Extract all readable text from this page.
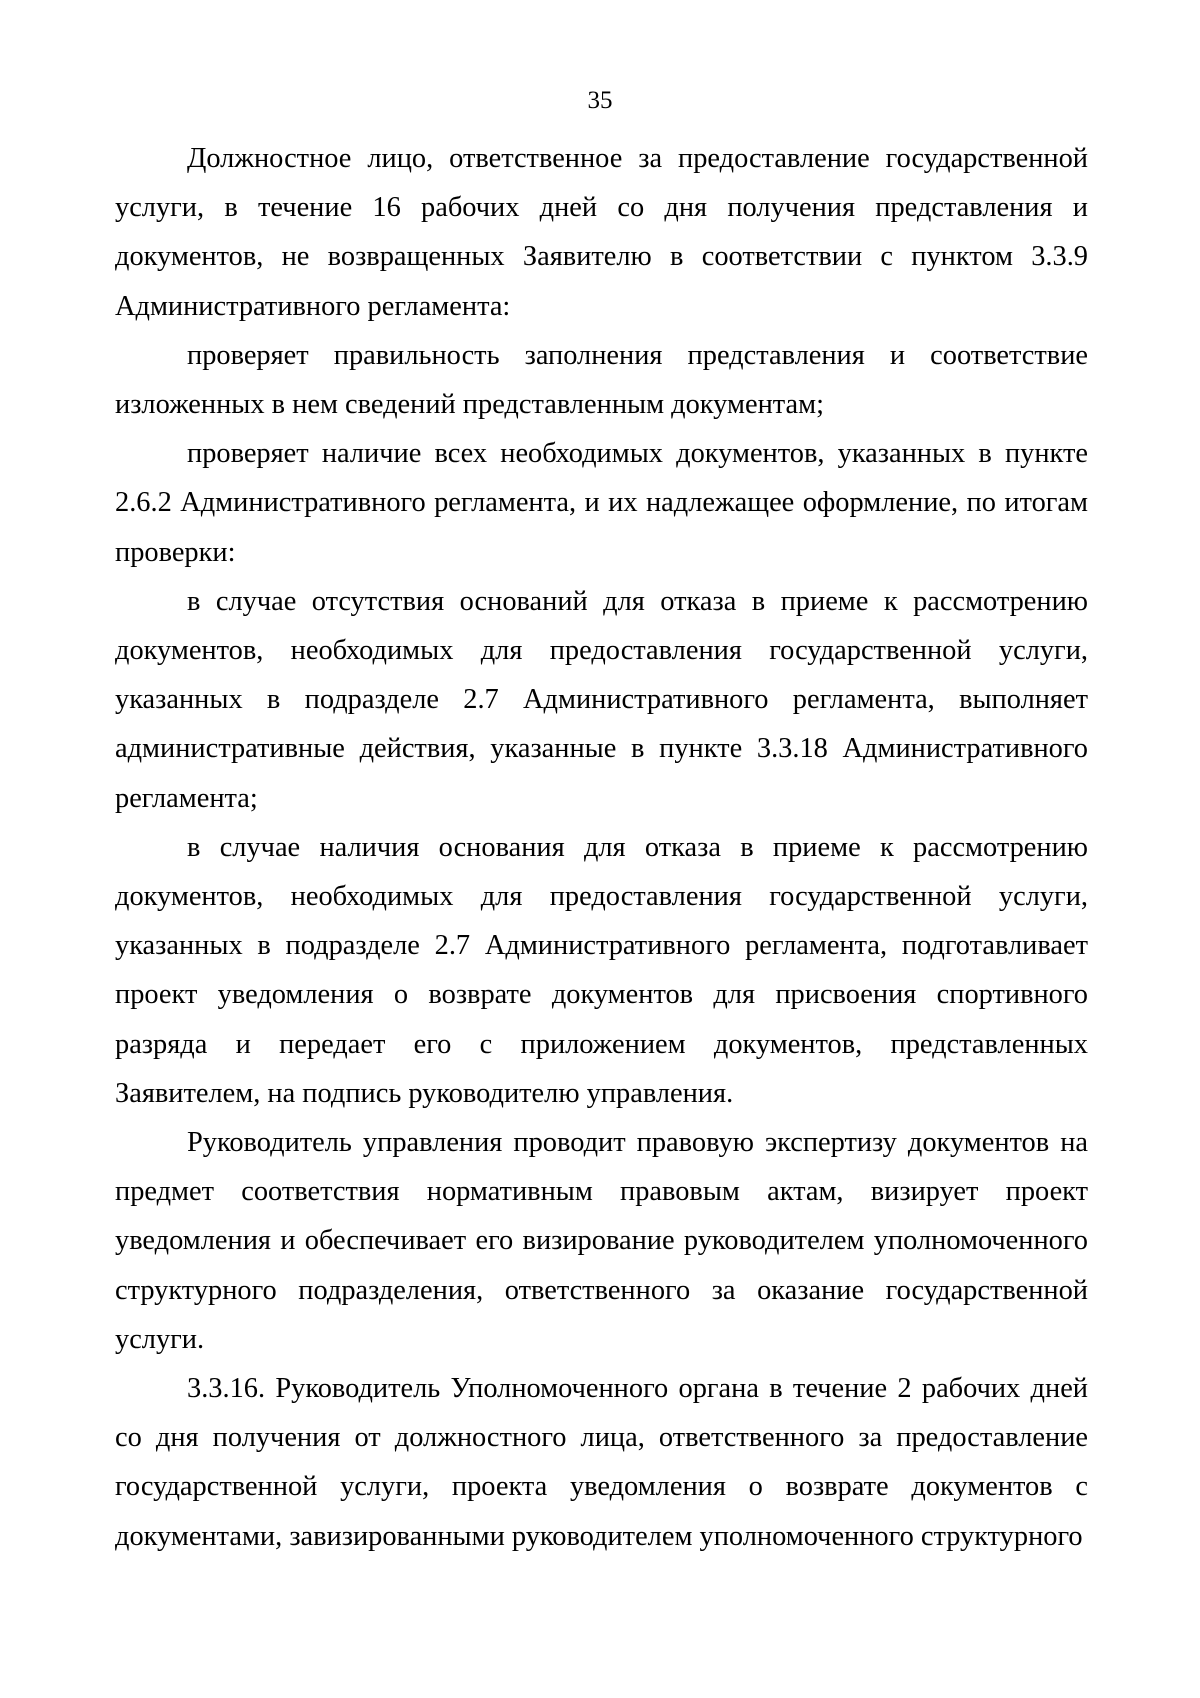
35

Должностное лицо, ответственное за предоставление государственной услуги, в течение 16 рабочих дней со дня получения представления и документов, не возвращенных Заявителю в соответствии с пунктом 3.3.9 Административного регламента:

проверяет правильность заполнения представления и соответствие изложенных в нем сведений представленным документам;

проверяет наличие всех необходимых документов, указанных в пункте 2.6.2 Административного регламента, и их надлежащее оформление, по итогам проверки:

в случае отсутствия оснований для отказа в приеме к рассмотрению документов, необходимых для предоставления государственной услуги, указанных в подразделе 2.7 Административного регламента, выполняет административные действия, указанные в пункте 3.3.18 Административного регламента;

в случае наличия основания для отказа в приеме к рассмотрению документов, необходимых для предоставления государственной услуги, указанных в подразделе 2.7 Административного регламента, подготавливает проект уведомления о возврате документов для присвоения спортивного разряда и передает его с приложением документов, представленных Заявителем, на подпись руководителю управления.

Руководитель управления проводит правовую экспертизу документов на предмет соответствия нормативным правовым актам, визирует проект уведомления и обеспечивает его визирование руководителем уполномоченного структурного подразделения, ответственного за оказание государственной услуги.

3.3.16. Руководитель Уполномоченного органа в течение 2 рабочих дней со дня получения от должностного лица, ответственного за предоставление государственной услуги, проекта уведомления о возврате документов с документами, завизированными руководителем уполномоченного структурного
